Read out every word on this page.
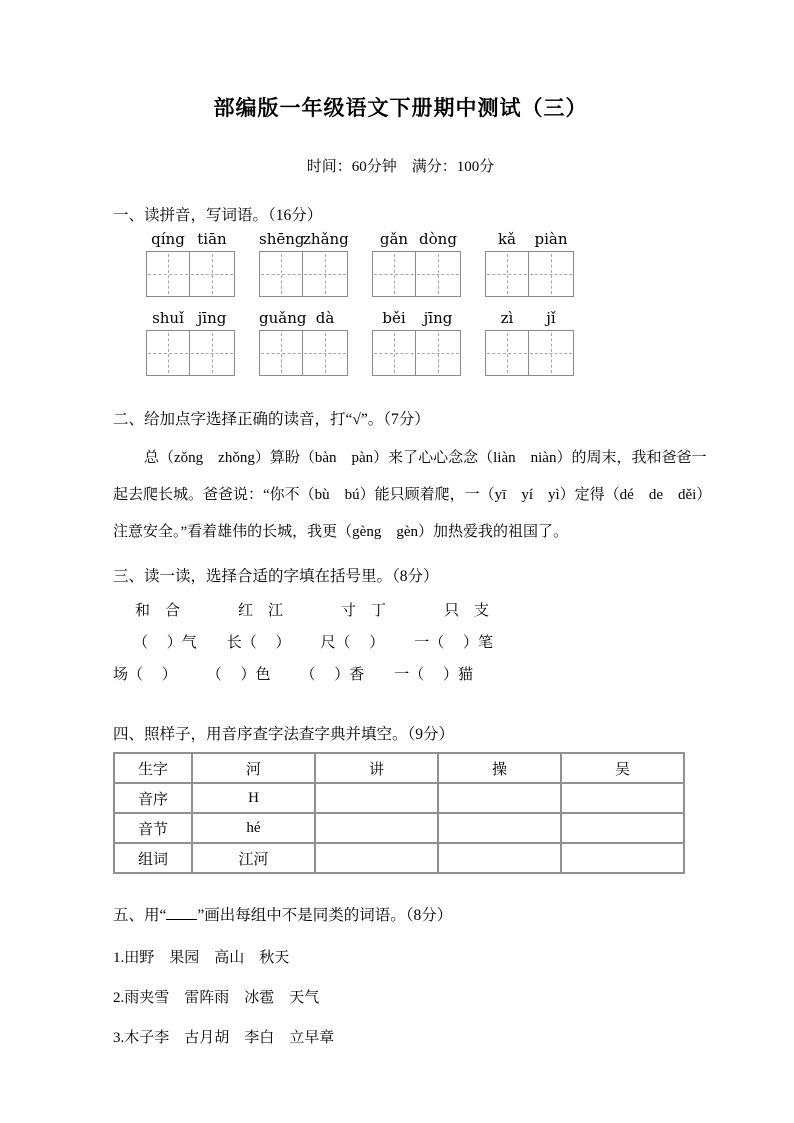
部编版一年级语文下册期中测试（三）
时间：60分钟　满分：100分
一、读拼音，写词语。（16分）
qíng tiān	shēng
zhǎng	gǎn dòng	kǎ	piàn
shuǐ jīng	guǎng dà	běi	jīng	zì	jǐ
二、给加点字选择正确的读音，打“√”。（7分）
总（zǒng　zhǒng）算盼（bàn　pàn）来了心心念念（liàn　niàn）的周末，我和爸爸一
起去爬长城。爸爸说：“你不（bù　bú）能只顾着爬，一（yī　yí　yì）定得（dé　de　děi）
注意安全。”看着雄伟的长城，我更（gèng　gèn）加热爱我的祖国了。
三、读一读，选择合适的字填在括号里。（8分）
和　合	红　江	寸　丁	只　支
（　 ）气 长（　 ） 尺（　 ） 一（　 ）笔
场（　 ） （　 ）色 （　 ）香 一（　 ）猫
四、照样子，用音序查字法查字典并填空。（9分）
生字	河	讲	操	吴
音序	H			
音节	hé			
组词	江河			
五、用“ ”画出每组中不是同类的词语。（8分）
1.田野　果园　高山　秋天
2.雨夹雪　雷阵雨　冰雹　天气
3.木子李　古月胡　李白　立早章
